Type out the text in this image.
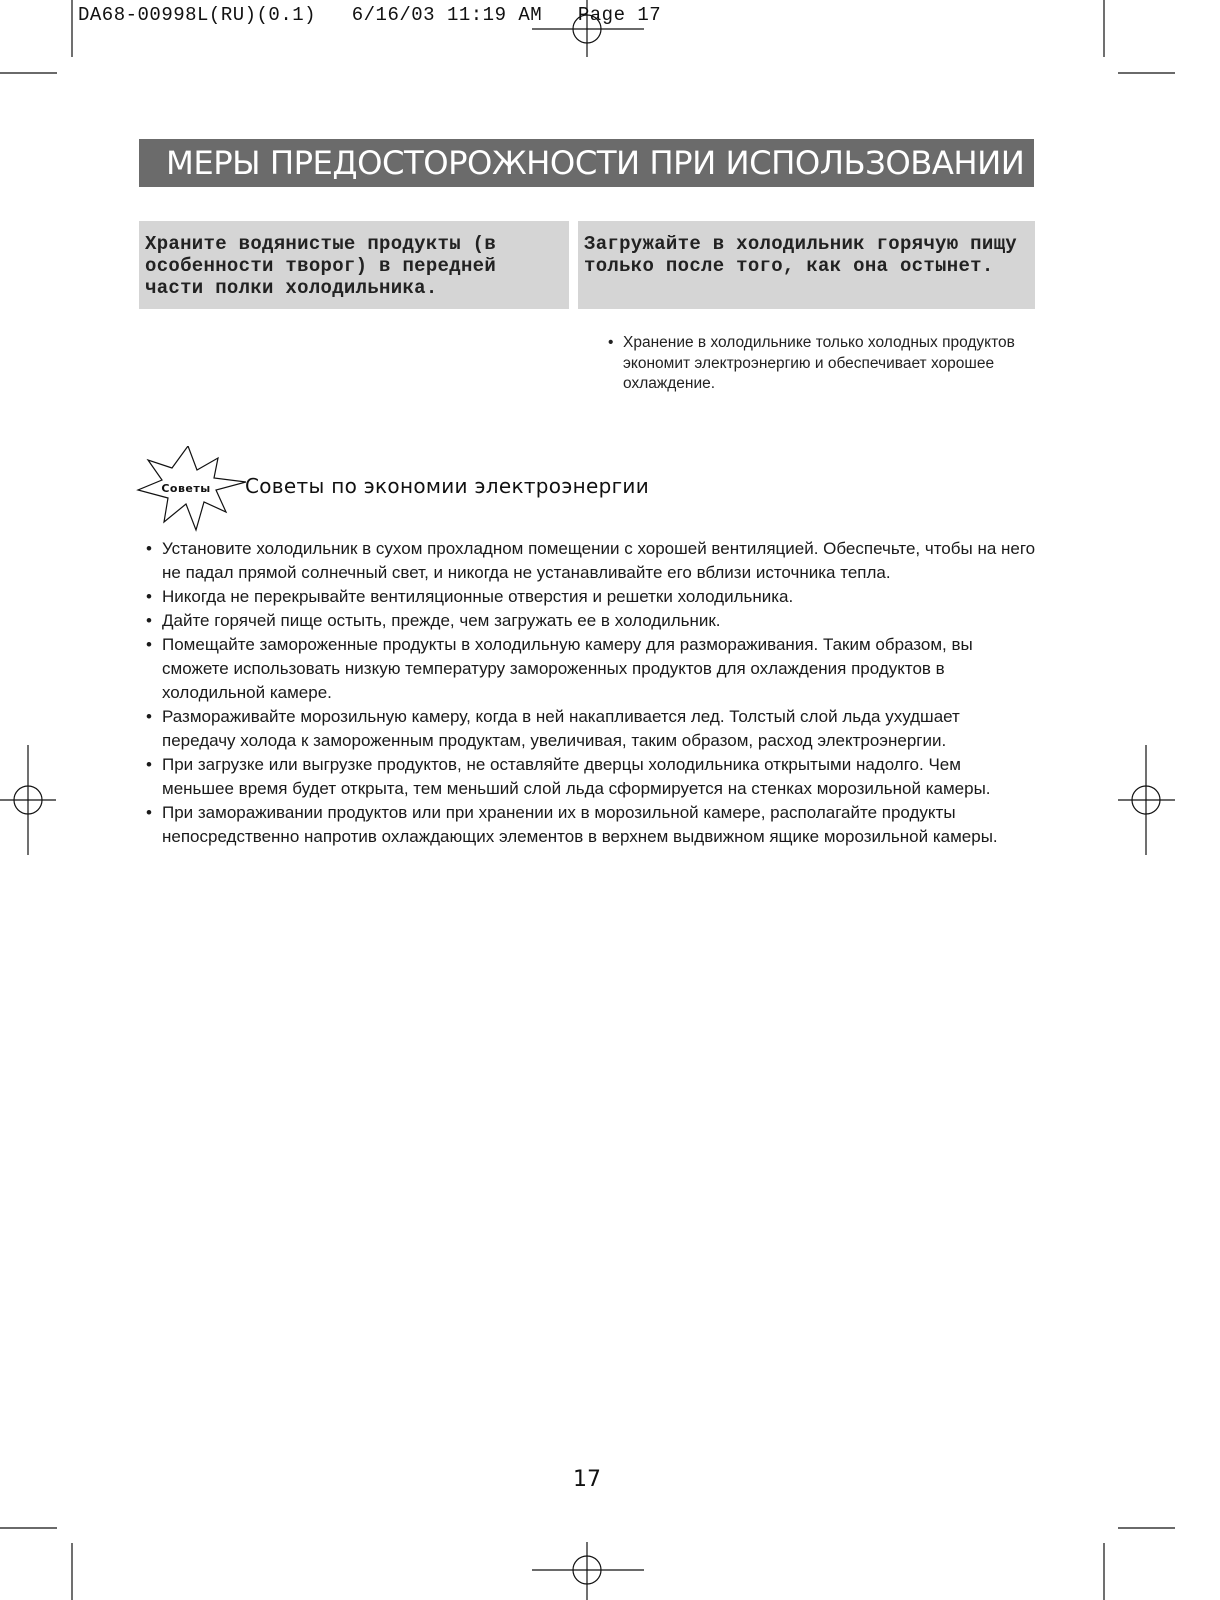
DA68-00998L(RU)(0.1)   6/16/03 11:19 AM   Page 17
МЕРЫ ПРЕДОСТОРОЖНОСТИ ПРИ ИСПОЛЬЗОВАНИИ
Храните водянистые продукты (в особенности творог) в передней части полки холодильника.
Загружайте в холодильник горячую пищу только после того, как она остынет.
• Хранение в холодильнике только холодных продуктов экономит электроэнергию и обеспечивает хорошее охлаждение.
Советы Советы по экономии электроэнергии
• Установите холодильник в сухом прохладном помещении с хорошей вентиляцией. Обеспечьте, чтобы на него не падал прямой солнечный свет, и никогда не устанавливайте его вблизи источника тепла.
• Никогда не перекрывайте вентиляционные отверстия и решетки холодильника.
• Дайте горячей пище остыть, прежде, чем загружать ее в холодильник.
• Помещайте замороженные продукты в холодильную камеру для размораживания. Таким образом, вы сможете использовать низкую температуру замороженных продуктов для охлаждения продуктов в холодильной камере.
• Размораживайте морозильную камеру, когда в ней накапливается лед. Толстый слой льда ухудшает передачу холода к замороженным продуктам, увеличивая, таким образом, расход электроэнергии.
• При загрузке или выгрузке продуктов, не оставляйте дверцы холодильника открытыми надолго. Чем меньшее время будет открыта, тем меньший слой льда сформируется на стенках морозильной камеры.
• При замораживании продуктов или при хранении их в морозильной камере, располагайте продукты непосредственно напротив охлаждающих элементов в верхнем выдвижном ящике морозильной камеры.
17
